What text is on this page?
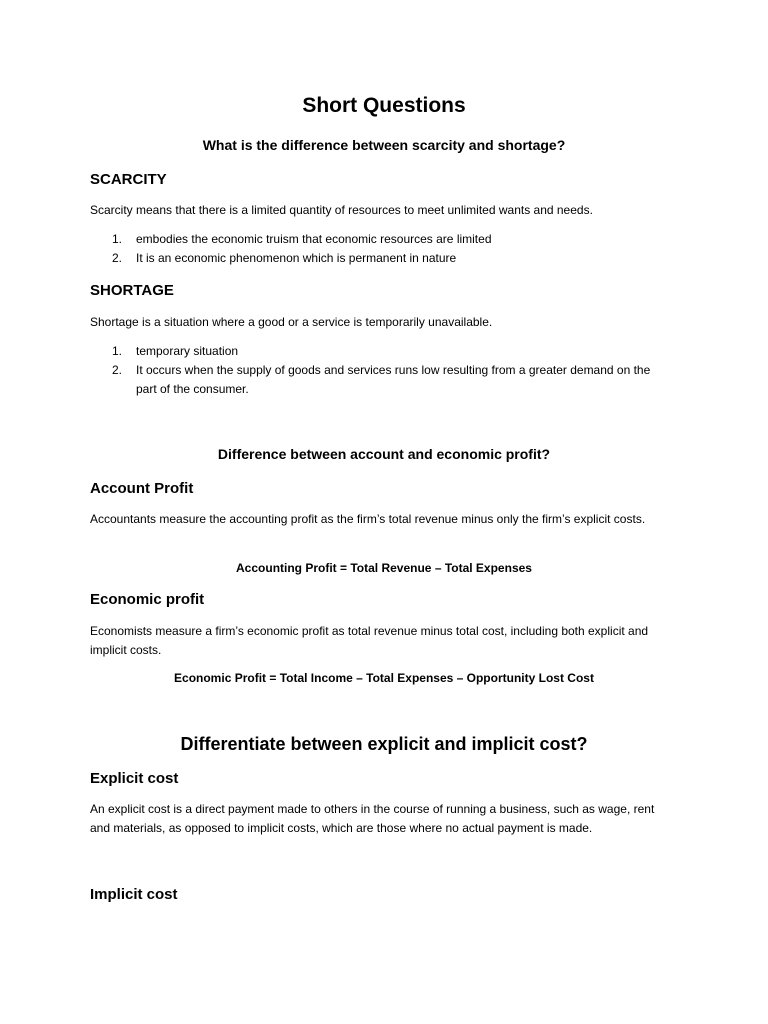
Short Questions
What is the difference between scarcity and shortage?
SCARCITY

Scarcity means that there is a limited quantity of resources to meet unlimited wants and needs.

1. embodies the economic truism that economic resources are limited
2. It is an economic phenomenon which is permanent in nature
SHORTAGE

Shortage is a situation where a good or a service is temporarily unavailable.

1. temporary situation
2. It occurs when the supply of goods and services runs low resulting from a greater demand on the part of the consumer.
Difference between account and economic profit?
Account Profit

Accountants measure the accounting profit as the firm’s total revenue minus only the firm’s explicit costs.

Accounting Profit = Total Revenue – Total Expenses

Economic profit

Economists measure a firm’s economic profit as total revenue minus total cost, including both explicit and implicit costs.

Economic Profit = Total Income – Total Expenses – Opportunity Lost Cost

Differentiate between explicit and implicit cost?
Explicit cost

An explicit cost is a direct payment made to others in the course of running a business, such as wage, rent and materials, as opposed to implicit costs, which are those where no actual payment is made.

Implicit cost
